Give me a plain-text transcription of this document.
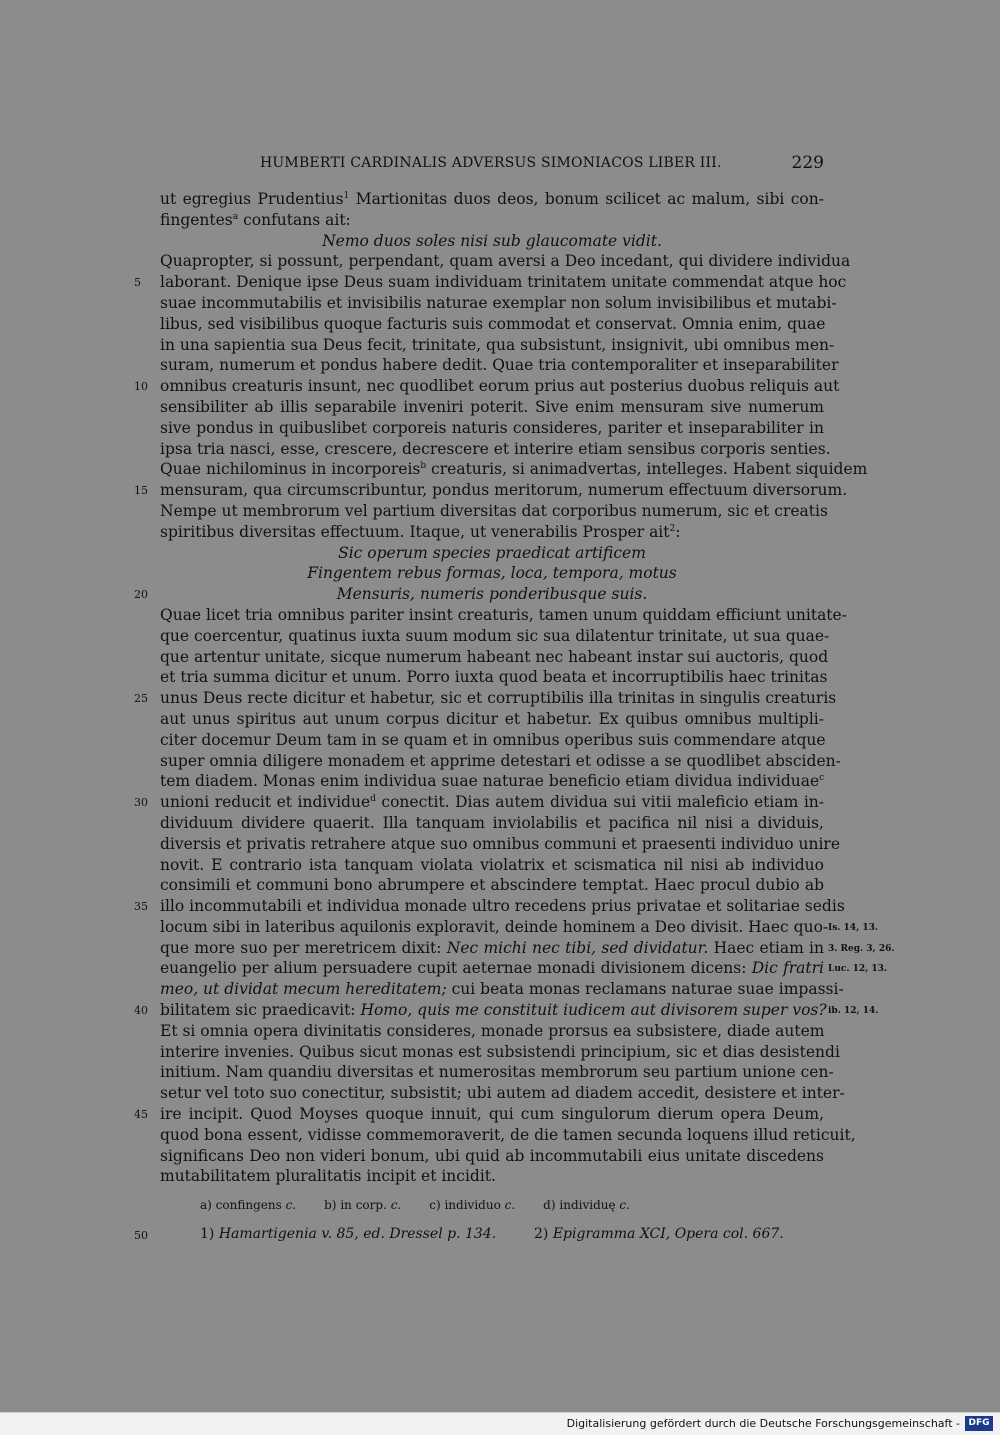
HUMBERTI CARDINALIS ADVERSUS SIMONIACOS LIBER III.	229
ut egregius Prudentius$^1$ Martionitas duos deos, bonum scilicet ac malum, sibi con-
fingentes$^a$ confutans ait:
Nemo duos soles nisi sub glaucomate vidit.
Quapropter, si possunt, perpendant, quam aversi a Deo incedant, qui dividere individua
5 laborant. Denique ipse Deus suam individuam trinitatem unitate commendat atque hoc
suae incommutabilis et invisibilis naturae exemplar non solum invisibilibus et mutabi-
libus, sed visibilibus quoque facturis suis commodat et conservat. Omnia enim, quae
in una sapientia sua Deus fecit, trinitate, qua subsistunt, insignivit, ubi omnibus men-
suram, numerum et pondus habere dedit. Quae tria contemporaliter et inseparabiliter
10 omnibus creaturis insunt, nec quodlibet eorum prius aut posterius duobus reliquis aut
sensibiliter ab illis separabile inveniri poterit. Sive enim mensuram sive numerum
sive pondus in quibuslibet corporeis naturis consideres, pariter et inseparabiliter in
ipsa tria nasci, esse, crescere, decrescere et interire etiam sensibus corporis senties.
Quae nichilominus in incorporeis$^b$ creaturis, si animadvertas, intelleges. Habent siquidem
15 mensuram, qua circumscribuntur, pondus meritorum, numerum effectuum diversorum.
Nempe ut membrorum vel partium diversitas dat corporibus numerum, sic et creatis
spiritibus diversitas effectuum. Itaque, ut venerabilis Prosper ait$^2$:
Sic operum species praedicat artificem
Fingentem rebus formas, loca, tempora, motus
20	Mensuris, numeris ponderibusque suis.
Quae licet tria omnibus pariter insint creaturis, tamen unum quiddam efficiunt unitate-
que coercentur, quatinus iuxta suum modum sic sua dilatentur trinitate, ut sua quae-
que artentur unitate, sicque numerum habeant nec habeant instar sui auctoris, quod
et tria summa dicitur et unum. Porro iuxta quod beata et incorruptibilis haec trinitas
25 unus Deus recte dicitur et habetur, sic et corruptibilis illa trinitas in singulis creaturis
aut unus spiritus aut unum corpus dicitur et habetur. Ex quibus omnibus multipli-
citer docemur Deum tam in se quam et in omnibus operibus suis commendare atque
super omnia diligere monadem et apprime detestari et odisse a se quodlibet absciden-
tem diadem. Monas enim individua suae naturae beneficio etiam dividua individuae$^c$
30 unioni reducit et individue$^d$ conectit. Dias autem dividua sui vitii maleficio etiam in-
dividuum dividere quaerit. Illa tanquam inviolabilis et pacifica nil nisi a dividuis,
diversis et privatis retrahere atque suo omnibus communi et praesenti individuo unire
novit. E contrario ista tanquam violata violatrix et scismatica nil nisi ab individuo
consimili et communi bono abrumpere et abscindere temptat. Haec procul dubio ab
35 illo incommutabili et individua monade ultro recedens prius privatae et solitariae sedis
locum sibi in lateribus aquilonis exploravit, deinde hominem a Deo divisit. Haec quo- Is. 14, 13.
que more suo per meretricem dixit: Nec michi nec tibi, sed dividatur. Haec etiam in 3. Reg. 3, 26.
euangelio per alium persuadere cupit aeternae monadi divisionem dicens: Dic fratri Luc. 12, 13.
meo, ut dividat mecum hereditatem; cui beata monas reclamans naturae suae impassi-
40 bilitatem sic praedicavit: Homo, quis me constituit iudicem aut divisorem super vos? ib. 12, 14.
Et si omnia opera divinitatis consideres, monade prorsus ea subsistere, diade autem
interire invenies. Quibus sicut monas est subsistendi principium, sic et dias desistendi
initium. Nam quandiu diversitas et numerositas membrorum seu partium unione cen-
setur vel toto suo conectitur, subsistit; ubi autem ad diadem accedit, desistere et inter-
45 ire incipit. Quod Moyses quoque innuit, qui cum singulorum dierum opera Deum,
quod bona essent, vidisse commemoraverit, de die tamen secunda loquens illud reticuit,
significans Deo non videri bonum, ubi quid ab incommutabili eius unitate discedens
mutabilitatem pluralitatis incipit et incidit.
a) confingens c. b) in corp. c. c) individuo c. d) individuę c.
50	1) Hamartigenia v. 85, ed. Dressel p. 134.	2) Epigramma XCI, Opera col. 667.
Digitalisierung gefördert durch die Deutsche Forschungsgemeinschaft - DFG
